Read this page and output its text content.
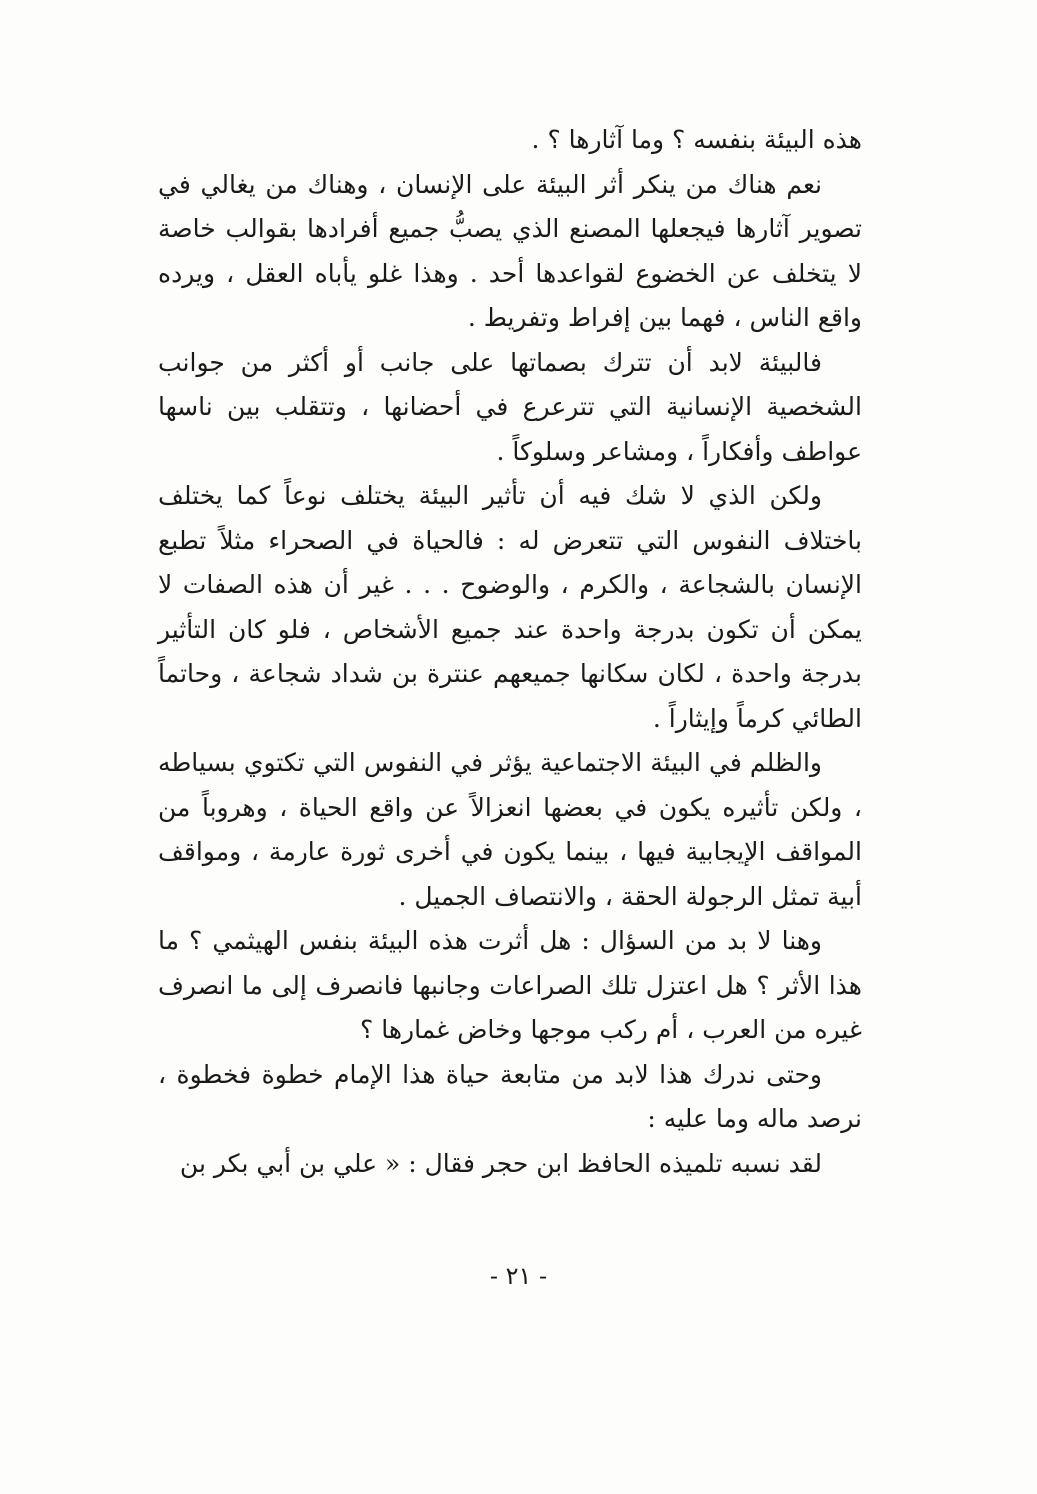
هذه البيئة بنفسه ؟ وما آثارها ؟ .

نعم هناك من ينكر أثر البيئة على الإنسان ، وهناك من يغالي في تصوير آثارها فيجعلها المصنع الذي يصبُّ جميع أفرادها بقوالب خاصة لا يتخلف عن الخضوع لقواعدها أحد . وهذا غلو يأباه العقل ، ويرده واقع الناس ، فهما بين إفراط وتفريط .

فالبيئة لابد أن تترك بصماتها على جانب أو أكثر من جوانب الشخصية الإنسانية التي تترعرع في أحضانها ، وتتقلب بين ناسها عواطف وأفكاراً ، ومشاعر وسلوكاً .

ولكن الذي لا شك فيه أن تأثير البيئة يختلف نوعاً كما يختلف باختلاف النفوس التي تتعرض له : فالحياة في الصحراء مثلاً تطبع الإنسان بالشجاعة ، والكرم ، والوضوح . . . غير أن هذه الصفات لا يمكن أن تكون بدرجة واحدة عند جميع الأشخاص ، فلو كان التأثير بدرجة واحدة ، لكان سكانها جميعهم عنترة بن شداد شجاعة ، وحاتماً الطائي كرماً وإيثاراً .

والظلم في البيئة الاجتماعية يؤثر في النفوس التي تكتوي بسياطه ، ولكن تأثيره يكون في بعضها انعزالاً عن واقع الحياة ، وهروباً من المواقف الإيجابية فيها ، بينما يكون في أخرى ثورة عارمة ، ومواقف أبية تمثل الرجولة الحقة ، والانتصاف الجميل .

وهنا لا بد من السؤال : هل أثرت هذه البيئة بنفس الهيثمي ؟ ما هذا الأثر ؟ هل اعتزل تلك الصراعات وجانبها فانصرف إلى ما انصرف غيره من العرب ، أم ركب موجها وخاض غمارها ؟

وحتى ندرك هذا لابد من متابعة حياة هذا الإمام خطوة فخطوة ، نرصد ماله وما عليه :

لقد نسبه تلميذه الحافظ ابن حجر فقال : « علي بن أبي بكر بن

- ٢١ -
